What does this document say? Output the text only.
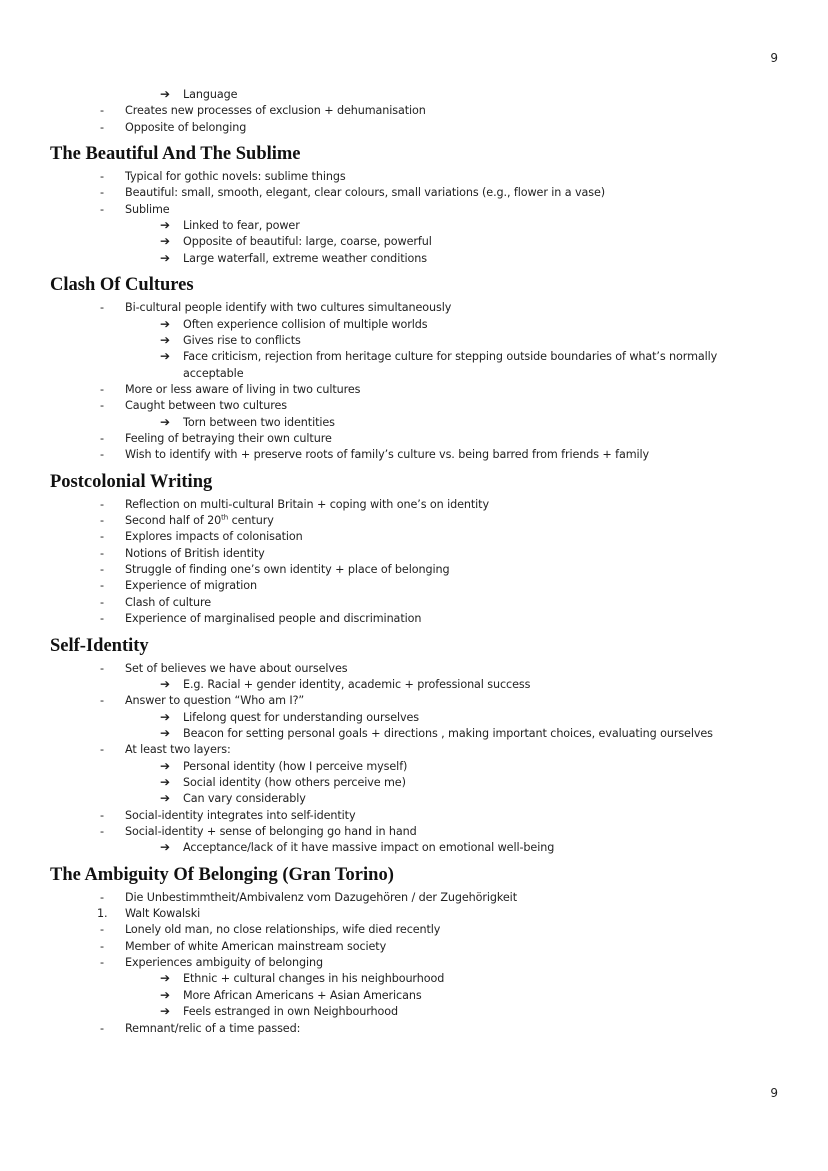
9
➔ Language
- Creates new processes of exclusion + dehumanisation
- Opposite of belonging
The Beautiful And The Sublime
- Typical for gothic novels: sublime things
- Beautiful: small, smooth, elegant, clear colours, small variations (e.g., flower in a vase)
- Sublime
➔ Linked to fear, power
➔ Opposite of beautiful: large, coarse, powerful
➔ Large waterfall, extreme weather conditions
Clash Of Cultures
- Bi-cultural people identify with two cultures simultaneously
➔ Often experience collision of multiple worlds
➔ Gives rise to conflicts
➔ Face criticism, rejection from heritage culture for stepping outside boundaries of what’s normally
acceptable
- More or less aware of living in two cultures
- Caught between two cultures
➔ Torn between two identities
- Feeling of betraying their own culture
- Wish to identify with + preserve roots of family’s culture vs. being barred from friends + family
Postcolonial Writing
- Reflection on multi-cultural Britain + coping with one’s on identity
- Second half of 20th century
- Explores impacts of colonisation
- Notions of British identity
- Struggle of finding one’s own identity + place of belonging
- Experience of migration
- Clash of culture
- Experience of marginalised people and discrimination
Self-Identity
- Set of believes we have about ourselves
➔ E.g. Racial + gender identity, academic + professional success
- Answer to question “Who am I?”
➔ Lifelong quest for understanding ourselves
➔ Beacon for setting personal goals + directions , making important choices, evaluating ourselves
- At least two layers:
➔ Personal identity (how I perceive myself)
➔ Social identity (how others perceive me)
➔ Can vary considerably
- Social-identity integrates into self-identity
- Social-identity + sense of belonging go hand in hand
➔ Acceptance/lack of it have massive impact on emotional well-being
The Ambiguity Of Belonging (Gran Torino)
- Die Unbestimmtheit/Ambivalenz vom Dazugehören / der Zugehörigkeit
1. Walt Kowalski
- Lonely old man, no close relationships, wife died recently
- Member of white American mainstream society
- Experiences ambiguity of belonging
➔ Ethnic + cultural changes in his neighbourhood
➔ More African Americans + Asian Americans
➔ Feels estranged in own Neighbourhood
- Remnant/relic of a time passed:
9
